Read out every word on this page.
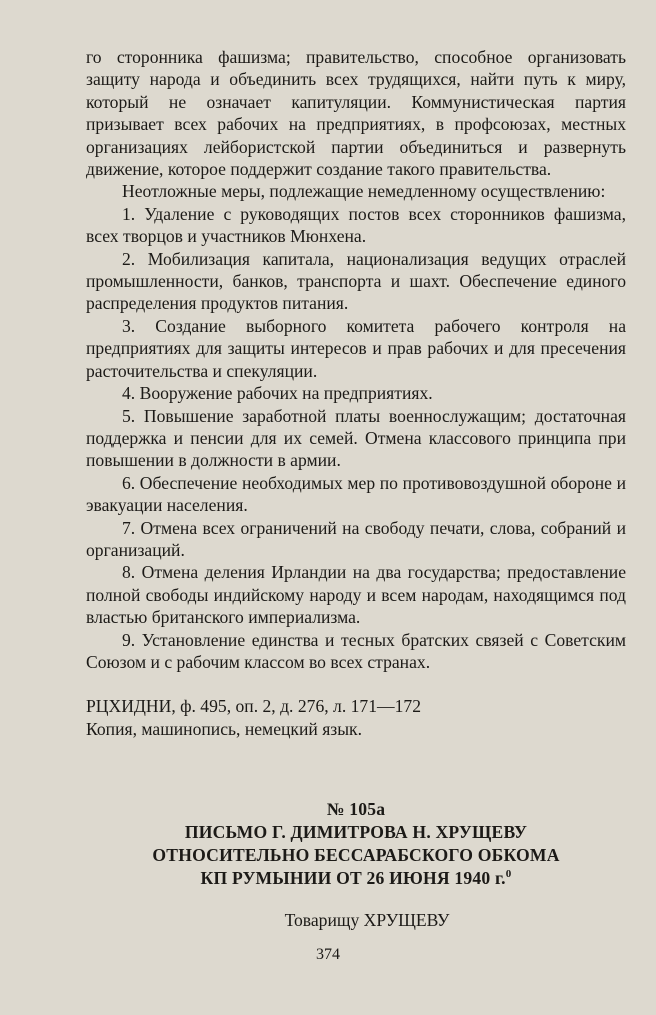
го сторонника фашизма; правительство, способное организовать защиту народа и объединить всех трудящихся, найти путь к миру, который не означает капитуляции. Коммунистическая партия призывает всех рабочих на предприятиях, в профсоюзах, местных организациях лейбористской партии объединиться и развернуть движение, которое поддержит создание такого правительства.

Неотложные меры, подлежащие немедленному осуществлению:

1. Удаление с руководящих постов всех сторонников фашизма, всех творцов и участников Мюнхена.

2. Мобилизация капитала, национализация ведущих отраслей промышленности, банков, транспорта и шахт. Обеспечение единого распределения продуктов питания.

3. Создание выборного комитета рабочего контроля на предприятиях для защиты интересов и прав рабочих и для пресечения расточительства и спекуляции.

4. Вооружение рабочих на предприятиях.

5. Повышение заработной платы военнослужащим; достаточная поддержка и пенсии для их семей. Отмена классового принципа при повышении в должности в армии.

6. Обеспечение необходимых мер по противовоздушной обороне и эвакуации населения.

7. Отмена всех ограничений на свободу печати, слова, собраний и организаций.

8. Отмена деления Ирландии на два государства; предоставление полной свободы индийскому народу и всем народам, находящимся под властью британского империализма.

9. Установление единства и тесных братских связей с Советским Союзом и с рабочим классом во всех странах.

РЦХИДНИ, ф. 495, оп. 2, д. 276, л. 171—172
Копия, машинопись, немецкий язык.
№ 105а
ПИСЬМО Г. ДИМИТРОВА Н. ХРУЩЕВУ
ОТНОСИТЕЛЬНО БЕССАРАБСКОГО ОБКОМА
КП РУМЫНИИ ОТ 26 ИЮНЯ 1940 г.$^0$
Товарищу ХРУЩЕВУ
374
